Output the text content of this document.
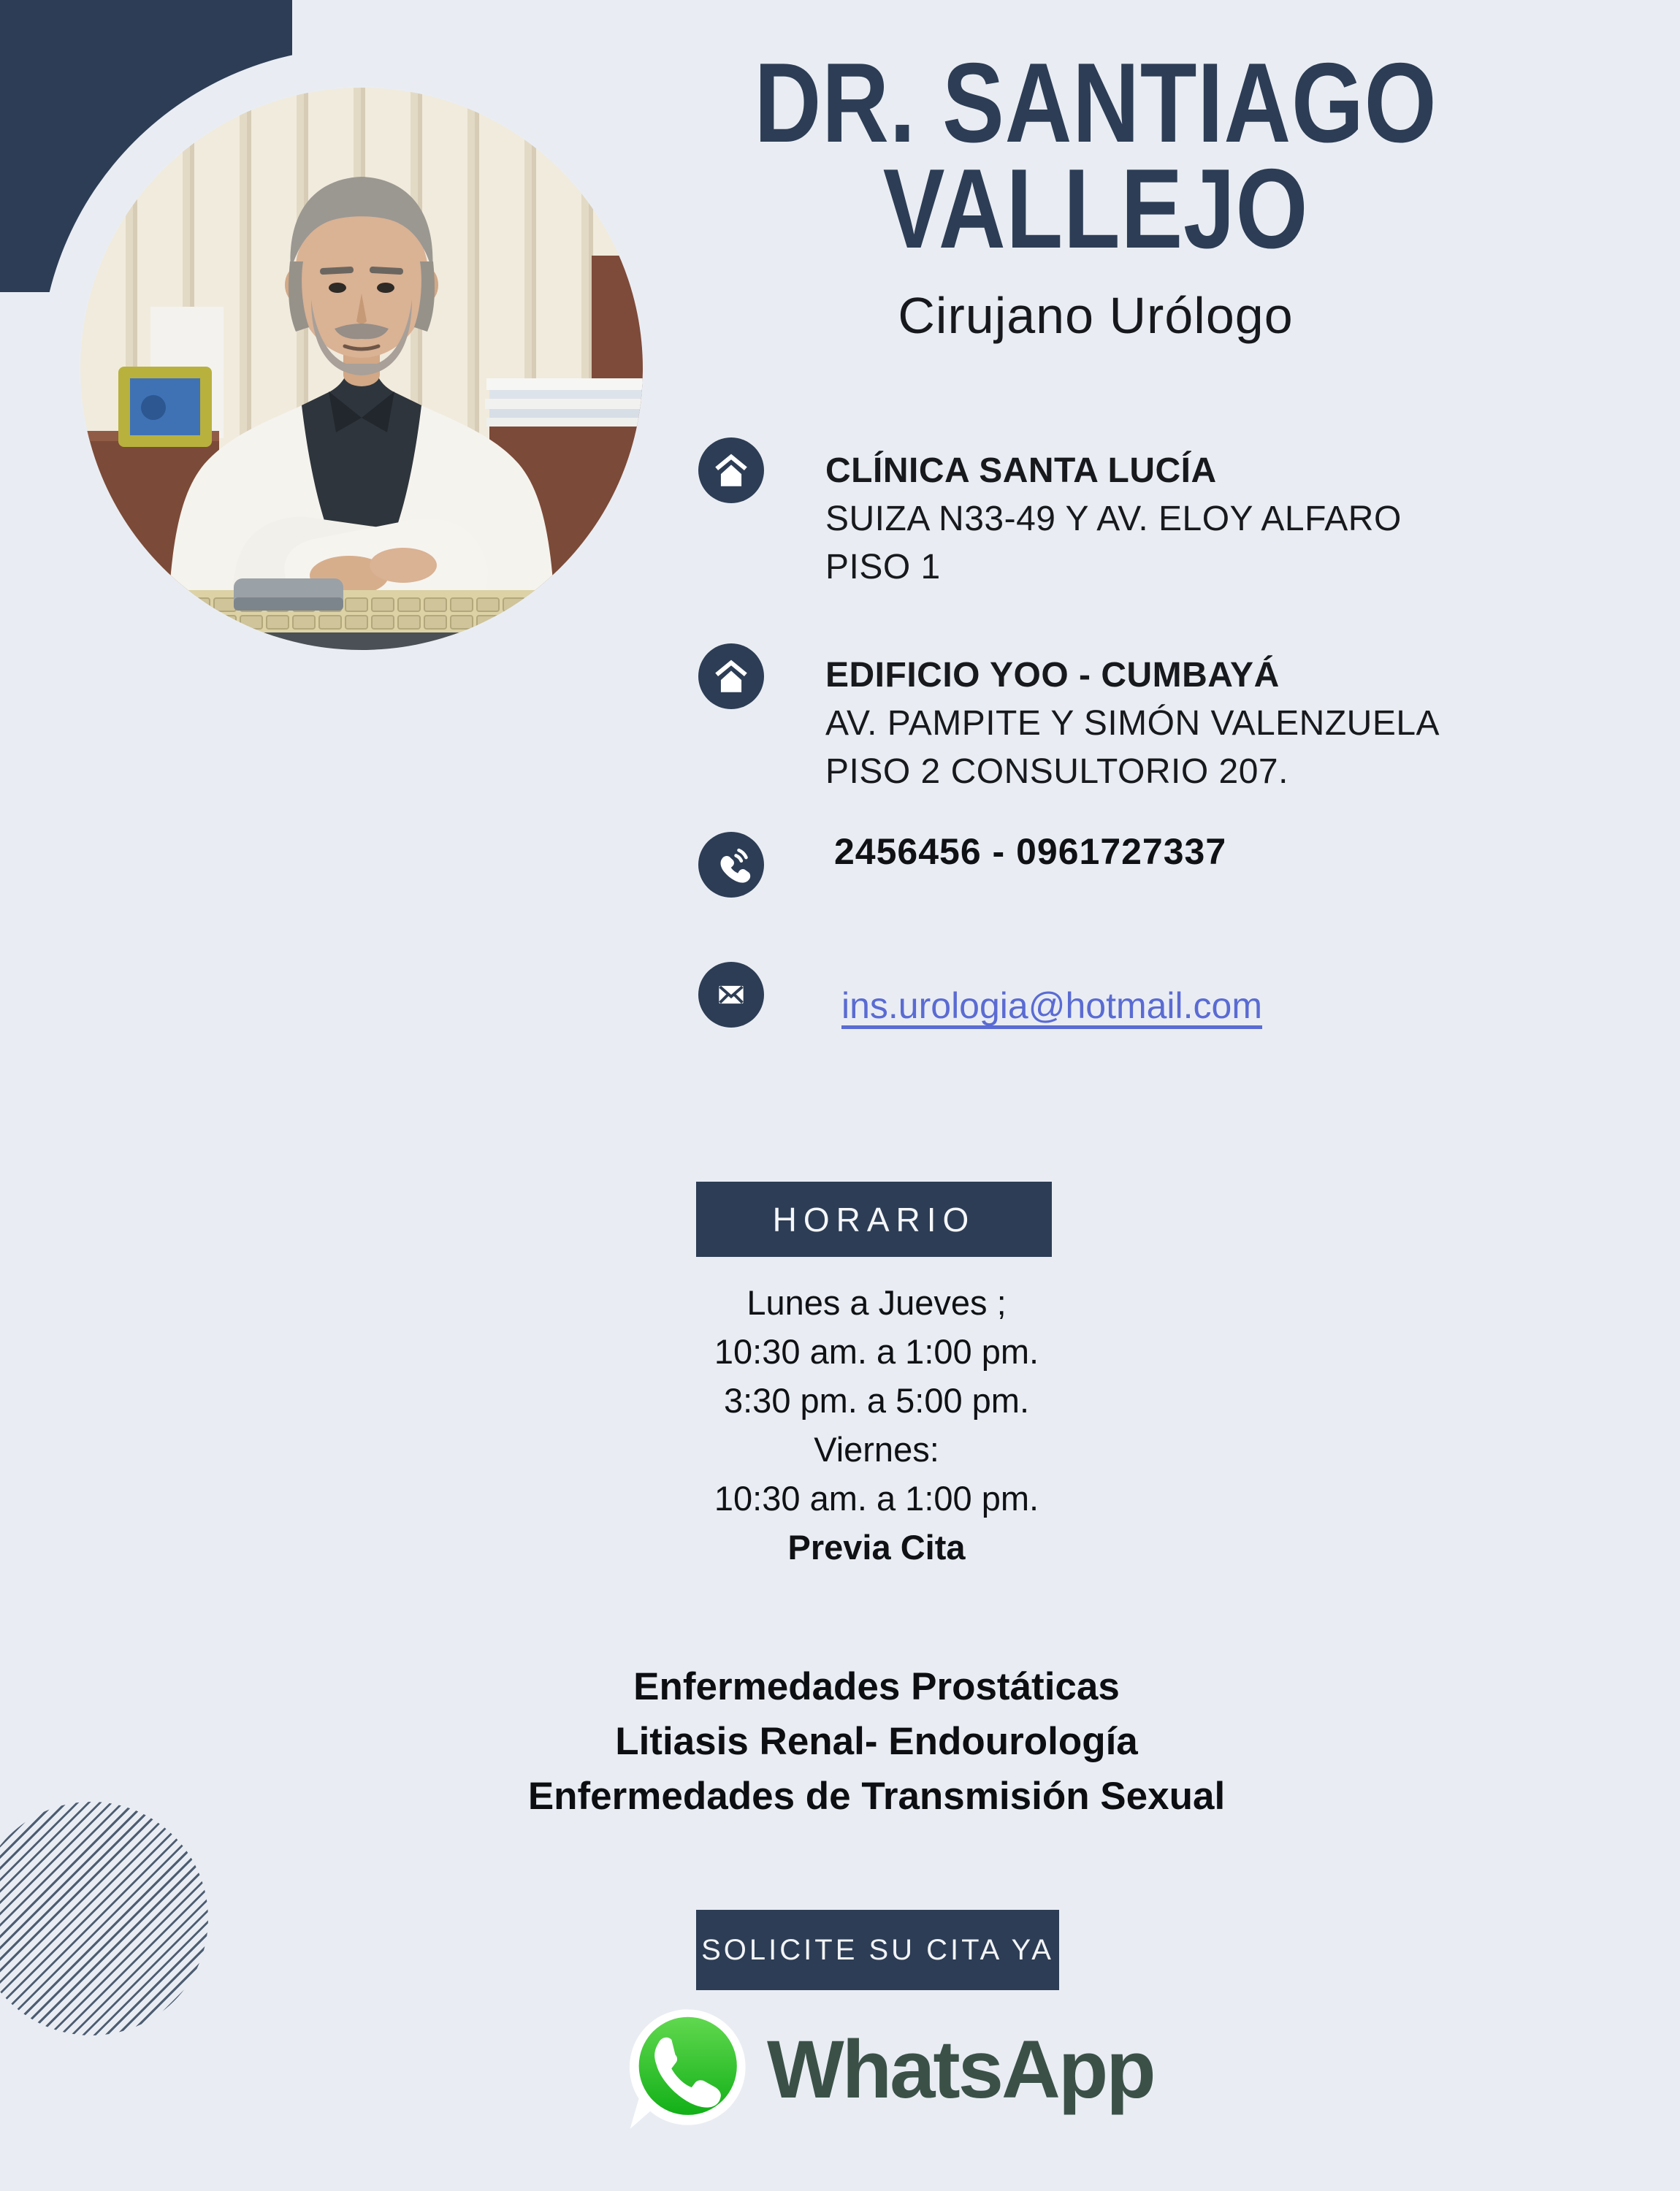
DR. SANTIAGO
VALLEJO
Cirujano Urólogo
CLÍNICA SANTA LUCÍA
SUIZA N33-49 Y AV. ELOY ALFARO
PISO 1
EDIFICIO YOO - CUMBAYÁ
AV. PAMPITE Y SIMÓN VALENZUELA
PISO 2 CONSULTORIO 207.
2456456 - 0961727337
ins.urologia@hotmail.com
HORARIO
Lunes a Jueves ;
10:30 am. a 1:00 pm.
3:30 pm. a 5:00 pm.
Viernes:
10:30 am. a 1:00 pm.
Previa Cita
Enfermedades Prostáticas
Litiasis Renal- Endourología
Enfermedades de Transmisión Sexual
SOLICITE SU CITA YA
WhatsApp
